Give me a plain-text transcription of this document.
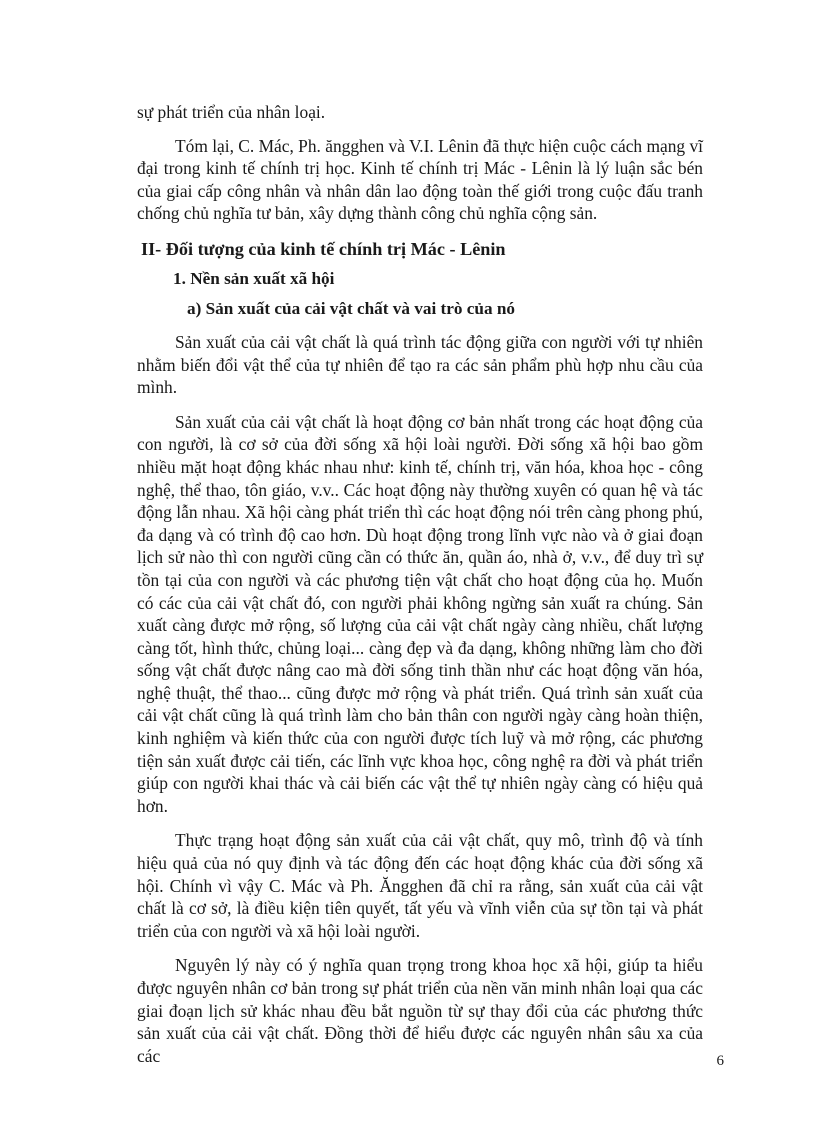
sự phát triển của nhân loại.

Tóm lại, C. Mác, Ph. ăngghen và V.I. Lênin đã thực hiện cuộc cách mạng vĩ đại trong kinh tế chính trị học. Kinh tế chính trị Mác - Lênin là lý luận sắc bén của giai cấp công nhân và nhân dân lao động toàn thế giới trong cuộc đấu tranh chống chủ nghĩa tư bản, xây dựng thành công chủ nghĩa cộng sản.

II- Đối tượng của kinh tế chính trị Mác - Lênin
1. Nền sản xuất xã hội
a) Sản xuất của cải vật chất và vai trò của nó

Sản xuất của cải vật chất là quá trình tác động giữa con người với tự nhiên nhằm biến đổi vật thể của tự nhiên để tạo ra các sản phẩm phù hợp nhu cầu của mình.

Sản xuất của cải vật chất là hoạt động cơ bản nhất trong các hoạt động của con người, là cơ sở của đời sống xã hội loài người. Đời sống xã hội bao gồm nhiều mặt hoạt động khác nhau như: kinh tế, chính trị, văn hóa, khoa học - công nghệ, thể thao, tôn giáo, v.v.. Các hoạt động này thường xuyên có quan hệ và tác động lẫn nhau. Xã hội càng phát triển thì các hoạt động nói trên càng phong phú, đa dạng và có trình độ cao hơn. Dù hoạt động trong lĩnh vực nào và ở giai đoạn lịch sử nào thì con người cũng cần có thức ăn, quần áo, nhà ở, v.v., để duy trì sự tồn tại của con người và các phương tiện vật chất cho hoạt động của họ. Muốn có các của cải vật chất đó, con người phải không ngừng sản xuất ra chúng. Sản xuất càng được mở rộng, số lượng của cải vật chất ngày càng nhiều, chất lượng càng tốt, hình thức, chủng loại... càng đẹp và đa dạng, không những làm cho đời sống vật chất được nâng cao mà đời sống tinh thần như các hoạt động văn hóa, nghệ thuật, thể thao... cũng được mở rộng và phát triển. Quá trình sản xuất của cải vật chất cũng là quá trình làm cho bản thân con người ngày càng hoàn thiện, kinh nghiệm và kiến thức của con người được tích luỹ và mở rộng, các phương tiện sản xuất được cải tiến, các lĩnh vực khoa học, công nghệ ra đời và phát triển giúp con người khai thác và cải biến các vật thể tự nhiên ngày càng có hiệu quả hơn.

Thực trạng hoạt động sản xuất của cải vật chất, quy mô, trình độ và tính hiệu quả của nó quy định và tác động đến các hoạt động khác của đời sống xã hội. Chính vì vậy C. Mác và Ph. Ăngghen đã chỉ ra rằng, sản xuất của cải vật chất là cơ sở, là điều kiện tiên quyết, tất yếu và vĩnh viễn của sự tồn tại và phát triển của con người và xã hội loài người.

Nguyên lý này có ý nghĩa quan trọng trong khoa học xã hội, giúp ta hiểu được nguyên nhân cơ bản trong sự phát triển của nền văn minh nhân loại qua các giai đoạn lịch sử khác nhau đều bắt nguồn từ sự thay đổi của các phương thức sản xuất của cải vật chất. Đồng thời để hiểu được các nguyên nhân sâu xa của các	6
